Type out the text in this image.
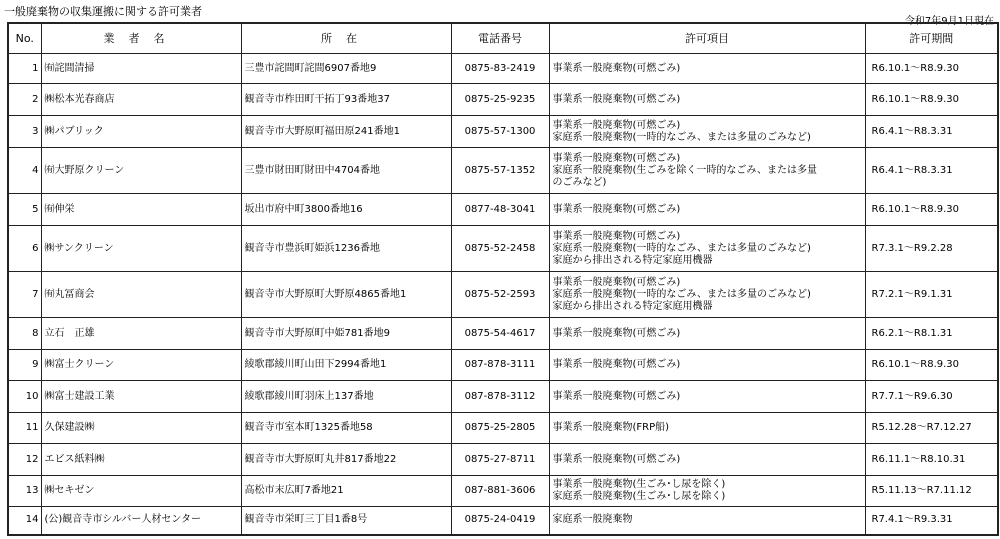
一般廃棄物の収集運搬に関する許可業者
令和7年9月1日現在
No.	業者名	所在	電話番号	許可項目	許可期間
1	㈲詫間清掃	三豊市詫間町詫間6907番地9	0875-83-2419	事業系一般廃棄物(可燃ごみ)	R6.10.1～R8.9.30
2	㈱松本光春商店	観音寺市柞田町干拓丁93番地37	0875-25-9235	事業系一般廃棄物(可燃ごみ)	R6.10.1～R8.9.30
3	㈱パブリック	観音寺市大野原町福田原241番地1	0875-57-1300	事業系一般廃棄物(可燃ごみ)
家庭系一般廃棄物(一時的なごみ、または多量のごみなど)	R6.4.1～R8.3.31
4	㈲大野原クリーン	三豊市財田町財田中4704番地	0875-57-1352	事業系一般廃棄物(可燃ごみ)
家庭系一般廃棄物(生ごみを除く一時的なごみ、または多量
のごみなど)	R6.4.1～R8.3.31
5	㈲伸栄	坂出市府中町3800番地16	0877-48-3041	事業系一般廃棄物(可燃ごみ)	R6.10.1～R8.9.30
6	㈱サンクリーン	観音寺市豊浜町姫浜1236番地	0875-52-2458	事業系一般廃棄物(可燃ごみ)
家庭系一般廃棄物(一時的なごみ、または多量のごみなど)
家庭から排出される特定家庭用機器	R7.3.1～R9.2.28
7	㈲丸冨商会	観音寺市大野原町大野原4865番地1	0875-52-2593	事業系一般廃棄物(可燃ごみ)
家庭系一般廃棄物(一時的なごみ、または多量のごみなど)
家庭から排出される特定家庭用機器	R7.2.1～R9.1.31
8	立石　正雄	観音寺市大野原町中姫781番地9	0875-54-4617	事業系一般廃棄物(可燃ごみ)	R6.2.1～R8.1.31
9	㈱富士クリーン	綾歌郡綾川町山田下2994番地1	087-878-3111	事業系一般廃棄物(可燃ごみ)	R6.10.1～R8.9.30
10	㈱富士建設工業	綾歌郡綾川町羽床上137番地	087-878-3112	事業系一般廃棄物(可燃ごみ)	R7.7.1～R9.6.30
11	久保建設㈱	観音寺市室本町1325番地58	0875-25-2805	事業系一般廃棄物(FRP船)	R5.12.28～R7.12.27
12	エビス紙料㈱	観音寺市大野原町丸井817番地22	0875-27-8711	事業系一般廃棄物(可燃ごみ)	R6.11.1～R8.10.31
13	㈱セキゼン	高松市末広町7番地21	087-881-3606	事業系一般廃棄物(生ごみ･し尿を除く)
家庭系一般廃棄物(生ごみ･し尿を除く)	R5.11.13～R7.11.12
14	(公)観音寺市シルバー人材センター	観音寺市栄町三丁目1番8号	0875-24-0419	家庭系一般廃棄物	R7.4.1～R9.3.31
